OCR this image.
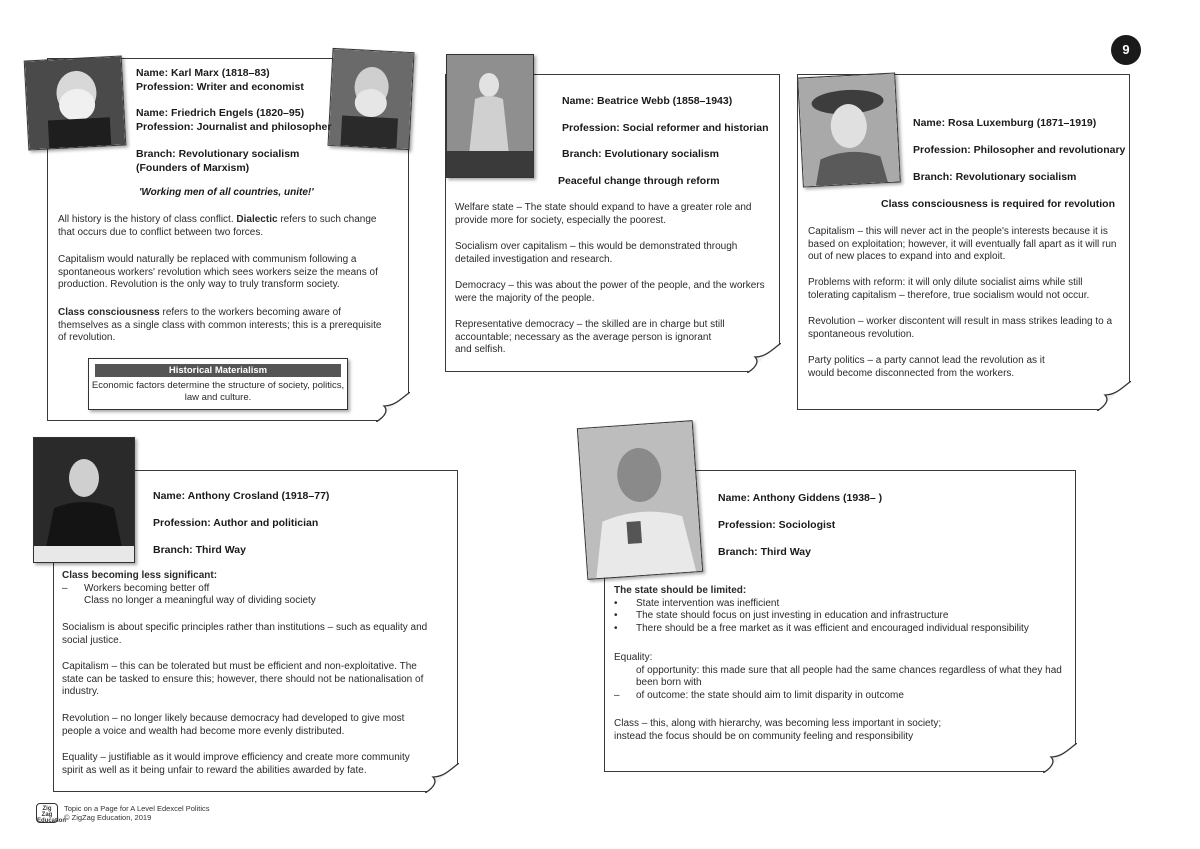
9
Name: Karl Marx (1818–83)
Profession: Writer and economist
Name: Friedrich Engels (1820–95)
Profession: Journalist and philosopher
Branch: Revolutionary socialism
(Founders of Marxism)
'Working men of all countries, unite!'
All history is the history of class conflict. Dialectic refers to such change that occurs due to conflict between two forces.
Capitalism would naturally be replaced with communism following a spontaneous workers' revolution which sees workers seize the means of production. Revolution is the only way to truly transform society.
Class consciousness refers to the workers becoming aware of themselves as a single class with common interests; this is a prerequisite of revolution.
Historical Materialism
Economic factors determine the structure of society, politics, law and culture.
Name: Beatrice Webb (1858–1943)
Profession: Social reformer and historian
Branch: Evolutionary socialism
Peaceful change through reform
Welfare state – The state should expand to have a greater role and provide more for society, especially the poorest.
Socialism over capitalism – this would be demonstrated through detailed investigation and research.
Democracy – this was about the power of the people, and the workers were the majority of the people.
Representative democracy – the skilled are in charge but still accountable; necessary as the average person is ignorant and selfish.
Name: Rosa Luxemburg (1871–1919)
Profession: Philosopher and revolutionary
Branch: Revolutionary socialism
Class consciousness is required for revolution
Capitalism – this will never act in the people's interests because it is based on exploitation; however, it will eventually fall apart as it will run out of new places to expand into and exploit.
Problems with reform: it will only dilute socialist aims while still tolerating capitalism – therefore, true socialism would not occur.
Revolution – worker discontent will result in mass strikes leading to a spontaneous revolution.
Party politics – a party cannot lead the revolution as it would become disconnected from the workers.
Name: Anthony Crosland (1918–77)
Profession: Author and politician
Branch: Third Way
Class becoming less significant:
–	Workers becoming better off
Class no longer a meaningful way of dividing society
Socialism is about specific principles rather than institutions – such as equality and social justice.
Capitalism – this can be tolerated but must be efficient and non-exploitative. The state can be tasked to ensure this; however, there should not be nationalisation of industry.
Revolution – no longer likely because democracy had developed to give most people a voice and wealth had become more evenly distributed.
Equality – justifiable as it would improve efficiency and create more community spirit as well as it being unfair to reward the abilities awarded by fate.
Name: Anthony Giddens (1938– )
Profession: Sociologist
Branch: Third Way
The state should be limited:
•	State intervention was inefficient
•	The state should focus on just investing in education and infrastructure
•	There should be a free market as it was efficient and encouraged individual responsibility
Equality:
of opportunity: this made sure that all people had the same chances regardless of what they had been born with
–	of outcome: the state should aim to limit disparity in outcome
Class – this, along with hierarchy, was becoming less important in society; instead the focus should be on community feeling and responsibility
Zig Zag Education
Topic on a Page for A Level Edexcel Politics
© ZigZag Education, 2019
